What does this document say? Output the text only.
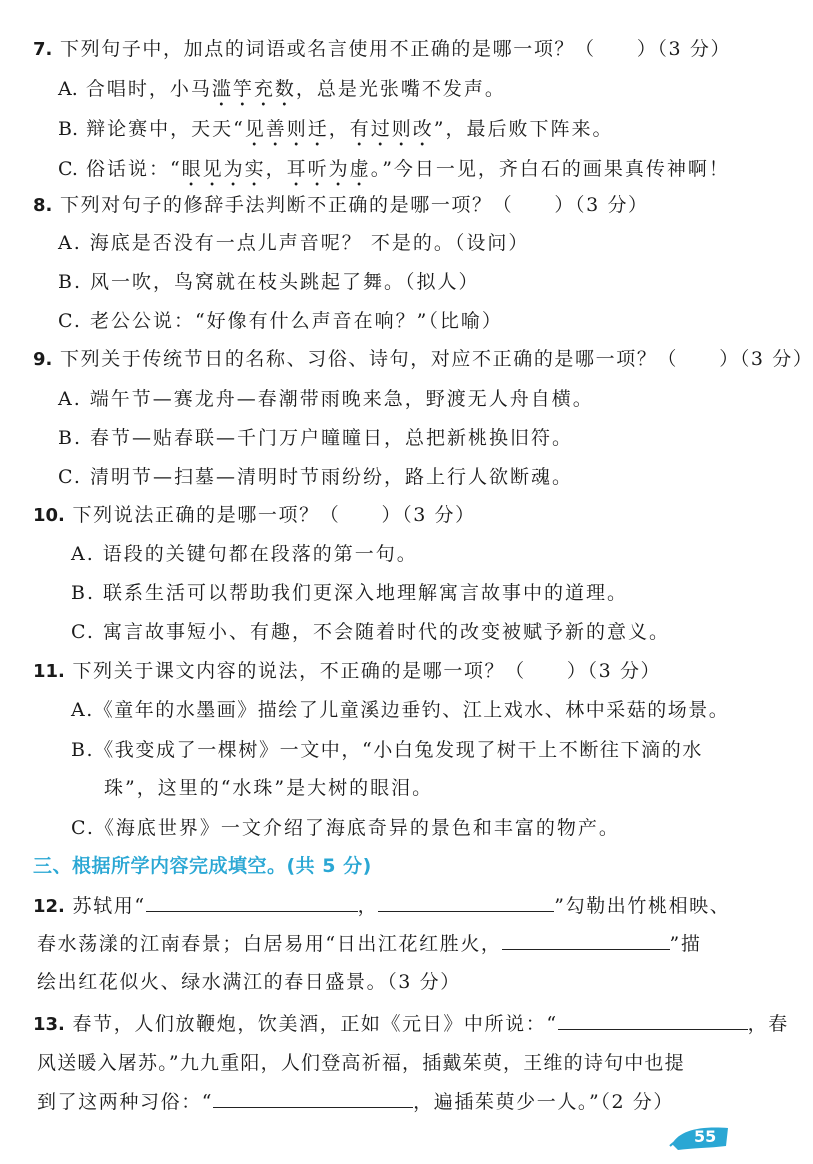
7. 下列句子中，加点的词语或名言使用不正确的是哪一项？（　　）（3 分）
A. 合唱时，小马滥竽充数，总是光张嘴不发声。
B. 辩论赛中，天天“见善则迁，有过则改”，最后败下阵来。
C. 俗话说：“眼见为实，耳听为虚。”今日一见，齐白石的画果真传神啊！
8. 下列对句子的修辞手法判断不正确的是哪一项？（　　）（3 分）
A. 海底是否没有一点儿声音呢？ 不是的。（设问）
B. 风一吹，鸟窝就在枝头跳起了舞。（拟人）
C. 老公公说：“好像有什么声音在响？”（比喻）
9. 下列关于传统节日的名称、习俗、诗句，对应不正确的是哪一项？（　　）（3 分）
A. 端午节—赛龙舟—春潮带雨晚来急，野渡无人舟自横。
B. 春节—贴春联—千门万户曈曈日，总把新桃换旧符。
C. 清明节—扫墓—清明时节雨纷纷，路上行人欲断魂。
10. 下列说法正确的是哪一项？（　　）（3 分）
A. 语段的关键句都在段落的第一句。
B. 联系生活可以帮助我们更深入地理解寓言故事中的道理。
C. 寓言故事短小、有趣，不会随着时代的改变被赋予新的意义。
11. 下列关于课文内容的说法，不正确的是哪一项？（　　）（3 分）
A.《童年的水墨画》描绘了儿童溪边垂钓、江上戏水、林中采菇的场景。
B.《我变成了一棵树》一文中，“小白兔发现了树干上不断往下滴的水
珠”，这里的“水珠”是大树的眼泪。
C.《海底世界》一文介绍了海底奇异的景色和丰富的物产。
三、根据所学内容完成填空。(共 5 分)
12. 苏轼用“	，	”勾勒出竹桃相映、
春水荡漾的江南春景；白居易用“日出江花红胜火，	”描
绘出红花似火、绿水满江的春日盛景。（3 分）
13. 春节，人们放鞭炮，饮美酒，正如《元日》中所说：“	，春
风送暖入屠苏。”九九重阳，人们登高祈福，插戴茱萸，王维的诗句中也提
到了这两种习俗：“	，遍插茱萸少一人。”（2 分）
55
